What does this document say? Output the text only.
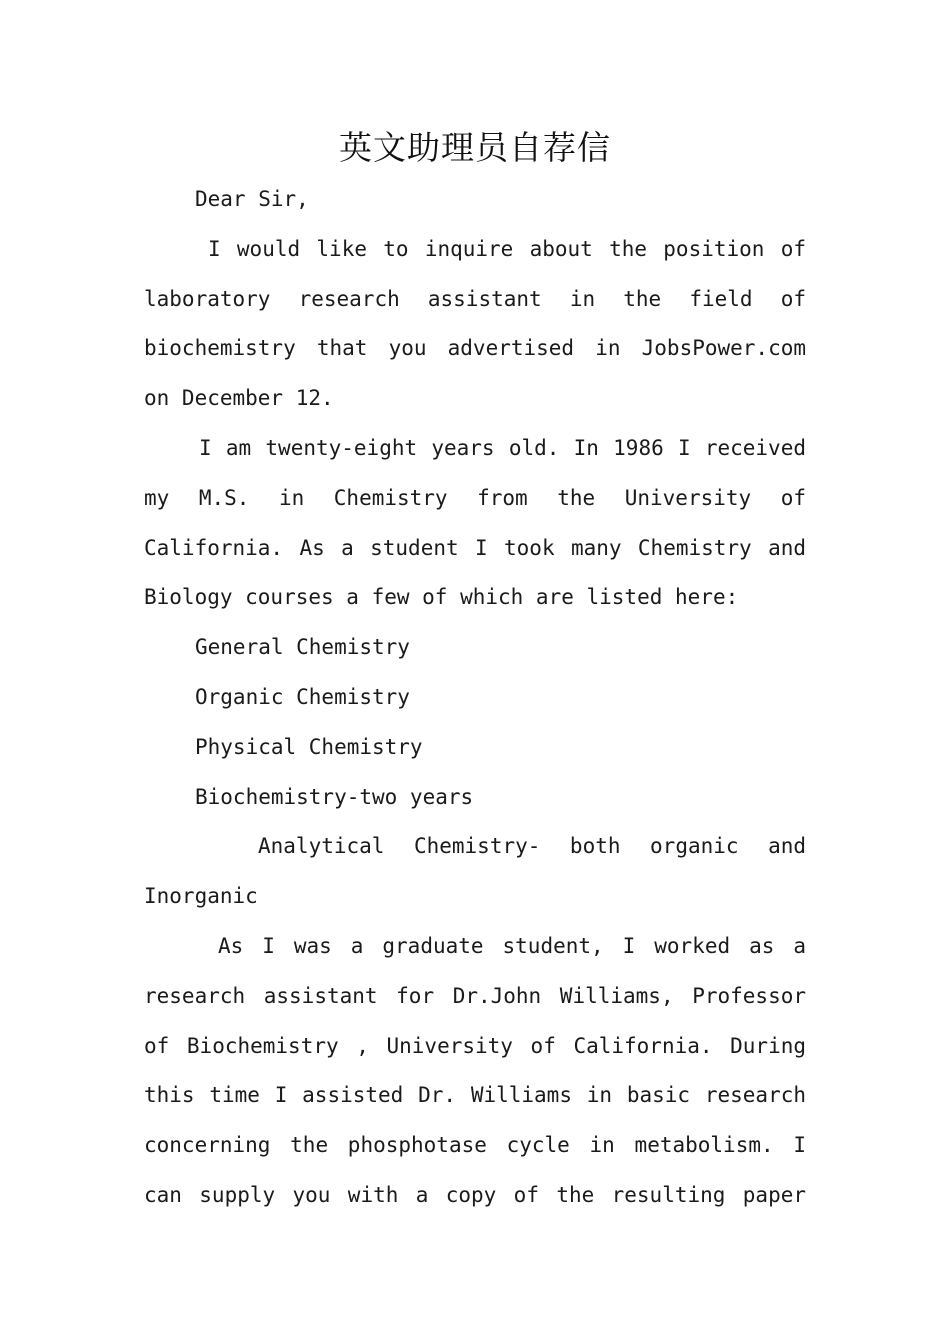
英文助理员自荐信
Dear Sir,
I would like to inquire about the position of
laboratory research assistant in the field of
biochemistry that you advertised in JobsPower.com
on December 12.
I am twenty-eight years old. In 1986 I received
my M.S. in Chemistry from the University of
California. As a student I took many Chemistry and
Biology courses a few of which are listed here:
General Chemistry
Organic Chemistry
Physical Chemistry
Biochemistry-two years
Analytical Chemistry- both organic and
Inorganic
As I was a graduate student, I worked as a
research assistant for Dr.John Williams, Professor
of Biochemistry , University of California. During
this time I assisted Dr. Williams in basic research
concerning the phosphotase cycle in metabolism. I
can supply you with a copy of the resulting paper
